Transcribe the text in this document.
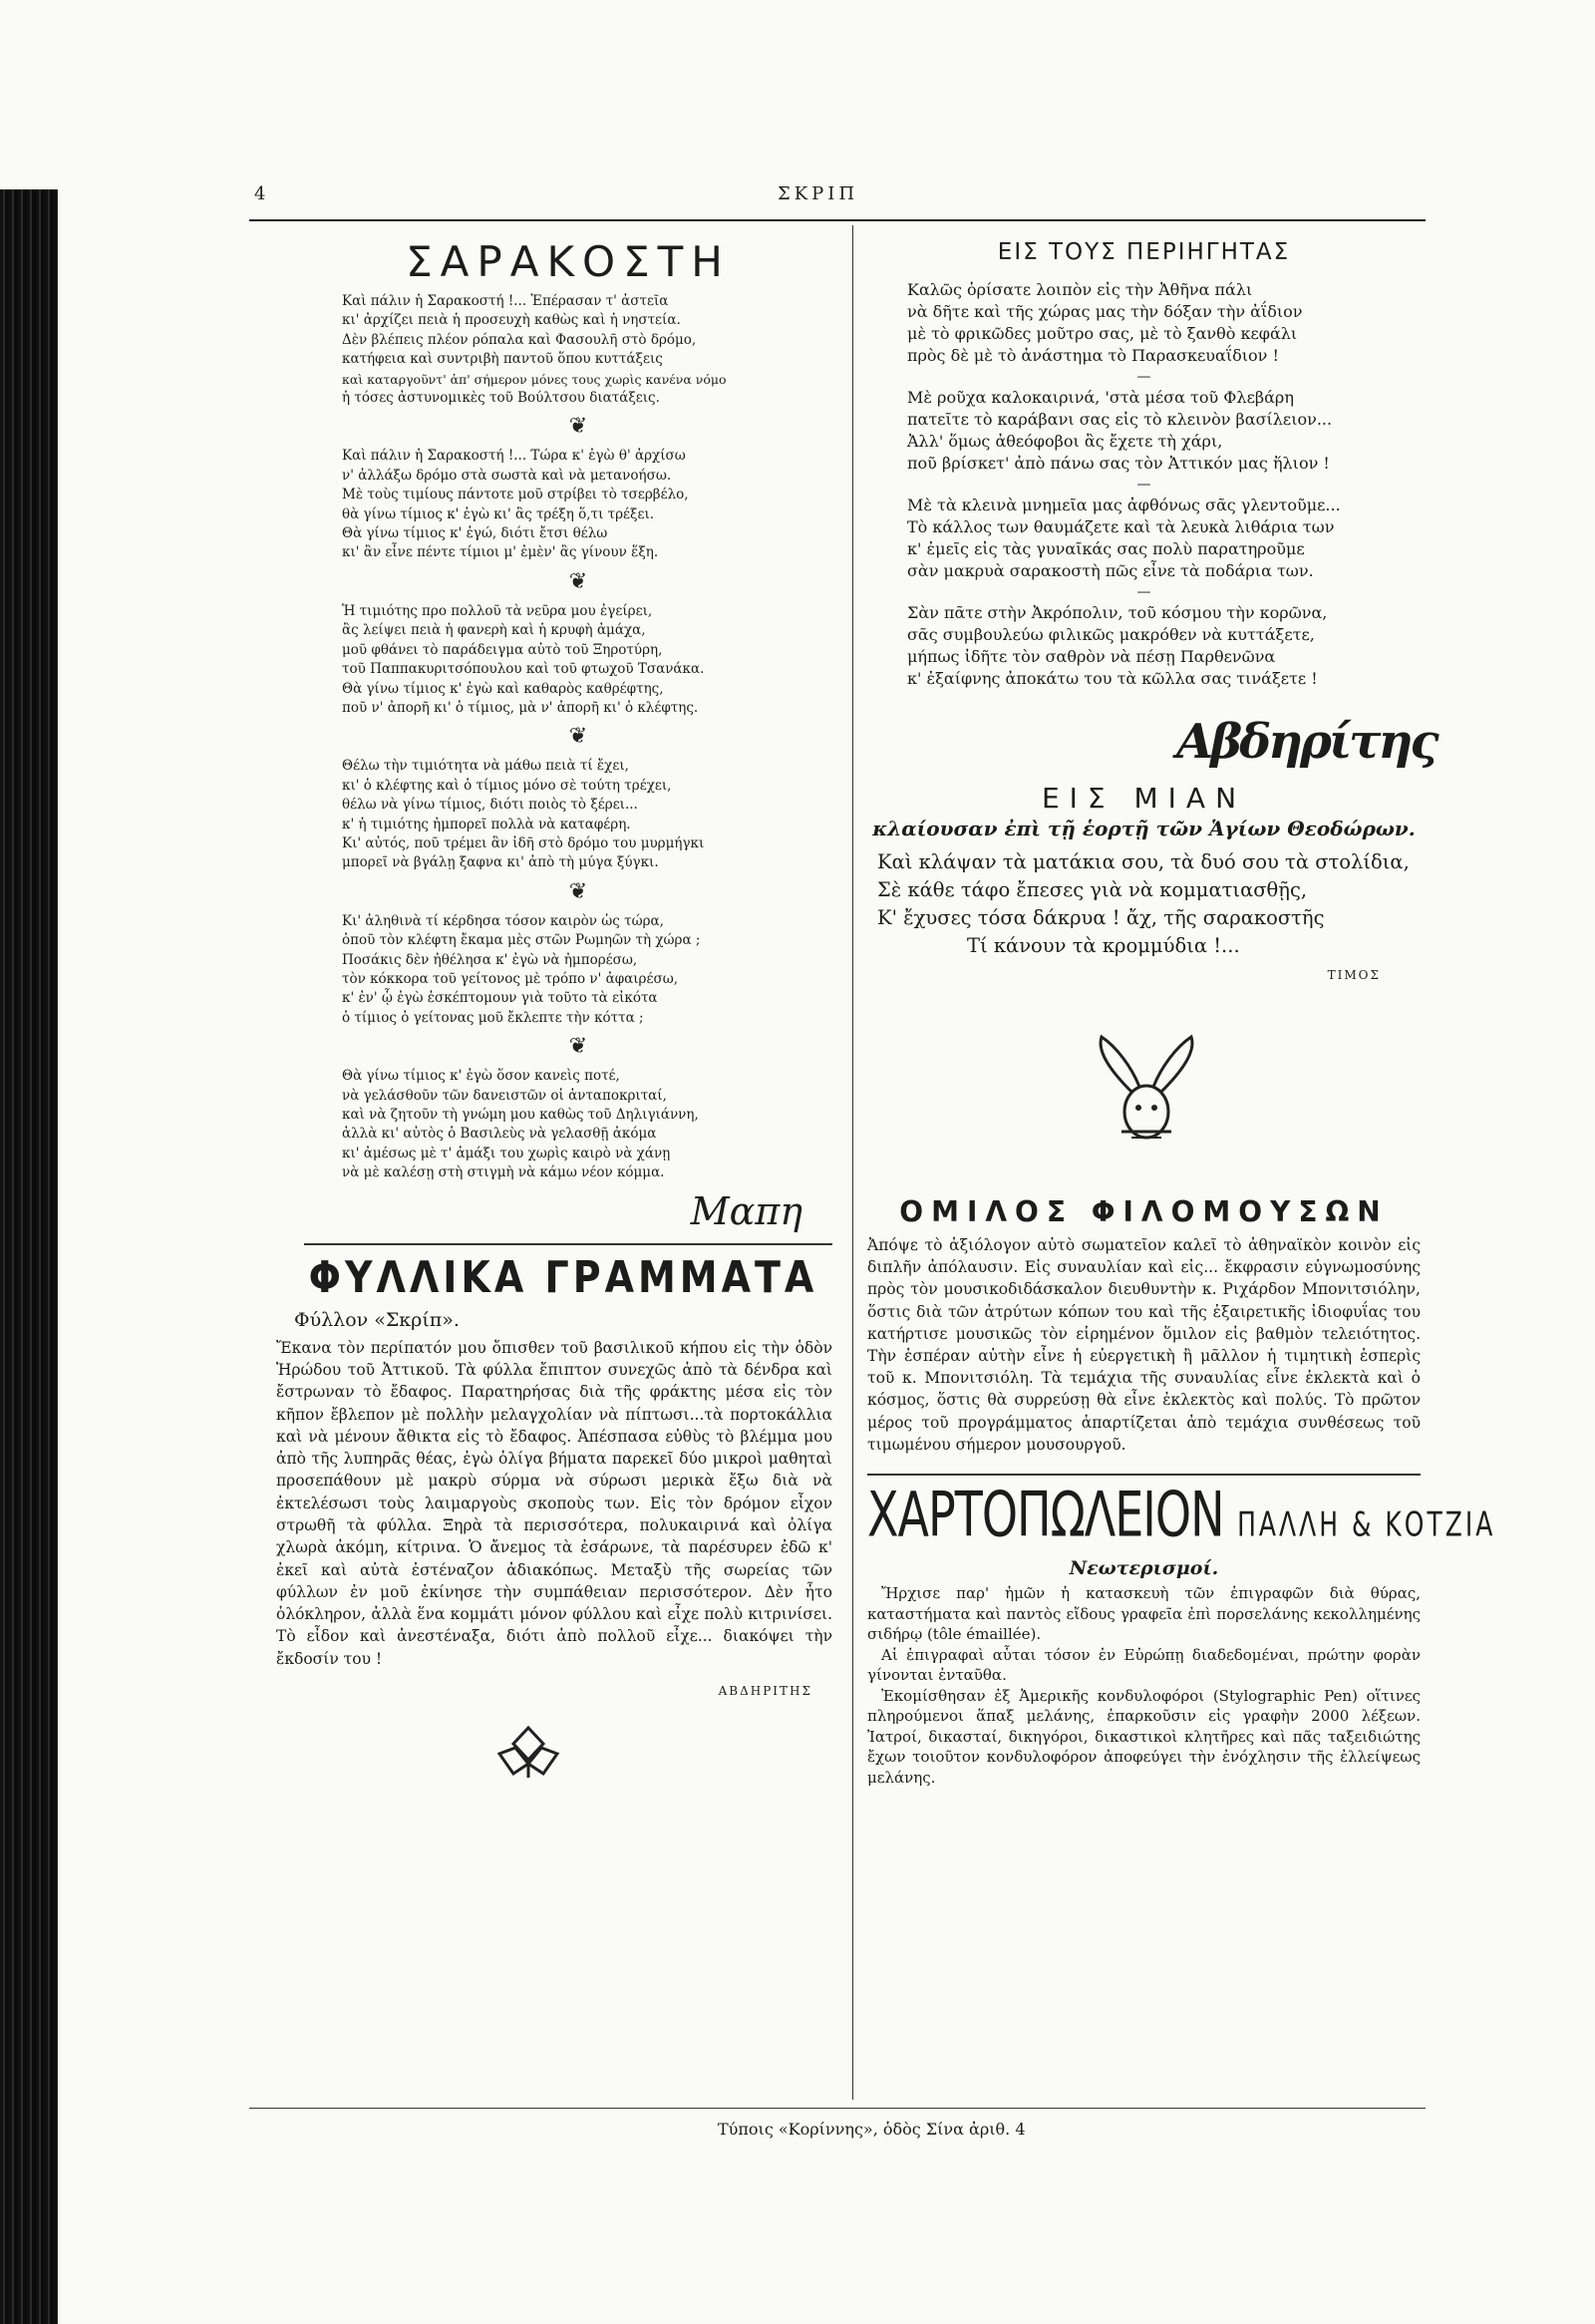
4	ΣΚΡΙΠ
ΣΑΡΑΚΟΣΤΗ
Καὶ πάλιν ἡ Σαρακοστή !... Ἐπέρασαν τ' ἀστεῖα
κι' ἀρχίζει πειὰ ἡ προσευχὴ καθὼς καὶ ἡ νηστεία.
Δὲν βλέπεις πλέον ρόπαλα καὶ Φασουλῆ στὸ δρόμο,
κατήφεια καὶ συντριβὴ παντοῦ ὅπου κυττάξεις
καὶ καταργοῦντ' ἀπ' σήμερον μόνες τους χωρὶς κανένα νόμο
ἡ τόσες ἀστυνομικὲς τοῦ Βούλτσου διατάξεις.
❦
Καὶ πάλιν ἡ Σαρακοστή !... Τώρα κ' ἐγὼ θ' ἀρχίσω
ν' ἀλλάξω δρόμο στὰ σωστὰ καὶ νὰ μετανοήσω.
Μὲ τοὺς τιμίους πάντοτε μοῦ στρίβει τὸ τσερβέλο,
θὰ γίνω τίμιος κ' ἐγὼ κι' ἂς τρέξη ὅ,τι τρέξει.
Θὰ γίνω τίμιος κ' ἐγώ, διότι ἔτσι θέλω
κι' ἂν εἶνε πέντε τίμιοι μ' ἐμὲν' ἂς γίνουν ἕξη.
❦
Ἡ τιμιότης προ πολλοῦ τὰ νεῦρα μου ἐγείρει,
ἂς λείψει πειὰ ἡ φανερὴ καὶ ἡ κρυφὴ ἀμάχα,
μοῦ φθάνει τὸ παράδειγμα αὐτὸ τοῦ Ξηροτύρη,
τοῦ Παππακυριτσόπουλου καὶ τοῦ φτωχοῦ Τσανάκα.
Θὰ γίνω τίμιος κ' ἐγὼ καὶ καθαρὸς καθρέφτης,
ποῦ ν' ἀπορῆ κι' ὁ τίμιος, μὰ ν' ἀπορῆ κι' ὁ κλέφτης.
❦
Θέλω τὴν τιμιότητα νὰ μάθω πειὰ τί ἔχει,
κι' ὁ κλέφτης καὶ ὁ τίμιος μόνο σὲ τούτη τρέχει,
θέλω νὰ γίνω τίμιος, διότι ποιὸς τὸ ξέρει...
κ' ἡ τιμιότης ἠμπορεῖ πολλὰ νὰ καταφέρη.
Κι' αὐτός, ποῦ τρέμει ἂν ἰδῆ στὸ δρόμο του μυρμήγκι
μπορεῖ νὰ βγάλῃ ξαφνα κι' ἀπὸ τὴ μύγα ξύγκι.
❦
Κι' ἀληθινὰ τί κέρδησα τόσον καιρὸν ὡς τώρα,
ὁποῦ τὸν κλέφτη ἔκαμα μὲς στῶν Ρωμηῶν τὴ χώρα ;
Ποσάκις δὲν ἠθέλησα κ' ἐγὼ νὰ ἠμπορέσω,
τὸν κόκκορα τοῦ γείτονος μὲ τρόπο ν' ἀφαιρέσω,
κ' ἐν' ᾧ ἐγὼ ἐσκέπτομουν γιὰ τοῦτο τὰ εἰκότα
ὁ τίμιος ὁ γείτονας μοῦ ἔκλεπτε τὴν κόττα ;
❦
Θὰ γίνω τίμιος κ' ἐγὼ ὅσον κανεὶς ποτέ,
νὰ γελάσθοῦν τῶν δανειστῶν οἱ ἀνταποκριταί,
καὶ νὰ ζητοῦν τὴ γνώμη μου καθὼς τοῦ Δηλιγιάννη,
ἀλλὰ κι' αὐτὸς ὁ Βασιλεὺς νὰ γελασθῇ ἀκόμα
κι' ἀμέσως μὲ τ' ἀμάξι του χωρὶς καιρὸ νὰ χάνῃ
νὰ μὲ καλέσῃ στὴ στιγμὴ νὰ κάμω νέον κόμμα.
Μαπη
ΦΥΛΛΙΚΑ ΓΡΑΜΜΑΤΑ
Φύλλον «Σκρίπ».
Ἔκανα τὸν περίπατόν μου ὄπισθεν τοῦ βασιλικοῦ κήπου εἰς τὴν ὁδὸν Ἡρώδου τοῦ Ἀττικοῦ. Τὰ φύλλα ἔπιπτον συνεχῶς ἀπὸ τὰ δένδρα καὶ ἔστρωναν τὸ ἔδαφος. Παρατηρήσας διὰ τῆς φράκτης μέσα εἰς τὸν κῆπον ἔβλεπον μὲ πολλὴν μελαγχολίαν νὰ πίπτωσι...τὰ πορτοκάλλια καὶ νὰ μένουν ἄθικτα εἰς τὸ ἔδαφος. Ἀπέσπασα εὐθὺς τὸ βλέμμα μου ἀπὸ τῆς λυπηρᾶς θέας, ἐγὼ ὀλίγα βήματα παρεκεῖ δύο μικροὶ μαθηταὶ προσεπάθουν μὲ μακρὺ σύρμα νὰ σύρωσι μερικὰ ἔξω διὰ νὰ ἐκτελέσωσι τοὺς λαιμαργοὺς σκοποὺς των. Εἰς τὸν δρόμον εἶχον στρωθῆ τὰ φύλλα. Ξηρὰ τὰ περισσότερα, πολυκαιρινά καὶ ὀλίγα χλωρὰ ἀκόμη, κίτρινα. Ὁ ἄνεμος τὰ ἐσάρωνε, τὰ παρέσυρεν ἐδῶ κ' ἐκεῖ καὶ αὐτὰ ἐστέναζον ἀδιακόπως. Μεταξὺ τῆς σωρείας τῶν φύλλων ἐν μοῦ ἐκίνησε τὴν συμπάθειαν περισσότερον. Δὲν ἦτο ὁλόκληρον, ἀλλὰ ἕνα κομμάτι μόνον φύλλου καὶ εἶχε πολὺ κιτρινίσει. Τὸ εἶδον καὶ ἀνεστέναξα, διότι ἀπὸ πολλοῦ εἶχε... διακόψει τὴν ἔκδοσίν του !
ΑΒΔΗΡΙΤΗΣ
ΕΙΣ ΤΟΥΣ ΠΕΡΙΗΓΗΤΑΣ
Καλῶς ὁρίσατε λοιπὸν εἰς τὴν Ἀθῆνα πάλι
νὰ δῆτε καὶ τῆς χώρας μας τὴν δόξαν τὴν ἀΐδιον
μὲ τὸ φρικῶδες μοῦτρο σας, μὲ τὸ ξανθὸ κεφάλι
πρὸς δὲ μὲ τὸ ἀνάστημα τὸ Παρασκευαΐδιον !
—
Μὲ ροῦχα καλοκαιρινά, 'στὰ μέσα τοῦ Φλεβάρη
πατεῖτε τὸ καράβανι σας εἰς τὸ κλεινὸν βασίλειον...
Ἀλλ' ὅμως ἀθεόφοβοι ἂς ἔχετε τὴ χάρι,
ποῦ βρίσκετ' ἀπὸ πάνω σας τὸν Ἀττικόν μας ἥλιον !
—
Μὲ τὰ κλεινὰ μνημεῖα μας ἀφθόνως σᾶς γλεντοῦμε...
Τὸ κάλλος των θαυμάζετε καὶ τὰ λευκὰ λιθάρια των
κ' ἐμεῖς εἰς τὰς γυναῖκάς σας πολὺ παρατηροῦμε
σὰν μακρυὰ σαρακοστὴ πῶς εἶνε τὰ ποδάρια των.
—
Σὰν πᾶτε στὴν Ἀκρόπολιν, τοῦ κόσμου τὴν κορῶνα,
σᾶς συμβουλεύω φιλικῶς μακρόθεν νὰ κυττάξετε,
μήπως ἰδῆτε τὸν σαθρὸν νὰ πέσῃ Παρθενῶνα
κ' ἐξαίφνης ἀποκάτω του τὰ κῶλλα σας τινάξετε !
Αβδηρίτης
ΕΙΣ ΜΙΑΝ
κλαίουσαν ἐπὶ τῇ ἑορτῇ τῶν Ἁγίων Θεοδώρων.
Καὶ κλάψαν τὰ ματάκια σου, τὰ δυό σου τὰ στολίδια,
Σὲ κάθε τάφο ἔπεσες γιὰ νὰ κομματιασθῇς,
Κ' ἔχυσες τόσα δάκρυα ! ἄχ, τῆς σαρακοστῆς
Τί κάνουν τὰ κρομμύδια !...
ΤΙΜΟΣ
ΟΜΙΛΟΣ ΦΙΛΟΜΟΥΣΩΝ
Ἀπόψε τὸ ἀξιόλογον αὐτὸ σωματεῖον καλεῖ τὸ ἀθηναϊκὸν κοινὸν εἰς διπλῆν ἀπόλαυσιν. Εἰς συναυλίαν καὶ εἰς... ἔκφρασιν εὐγνωμοσύνης πρὸς τὸν μουσικοδιδάσκαλον διευθυντὴν κ. Ριχάρδον Μπονιτσιόλην, ὅστις διὰ τῶν ἀτρύτων κόπων του καὶ τῆς ἐξαιρετικῆς ἰδιοφυΐας του κατήρτισε μουσικῶς τὸν εἰρημένον ὅμιλον εἰς βαθμὸν τελειότητος. Τὴν ἑσπέραν αὐτὴν εἶνε ἡ εὐεργετικὴ ἢ μᾶλλον ἡ τιμητικὴ ἑσπερὶς τοῦ κ. Μπονιτσιόλη. Τὰ τεμάχια τῆς συναυλίας εἶνε ἐκλεκτὰ καὶ ὁ κόσμος, ὅστις θὰ συρρεύσῃ θὰ εἶνε ἐκλεκτὸς καὶ πολύς. Τὸ πρῶτον μέρος τοῦ προγράμματος ἀπαρτίζεται ἀπὸ τεμάχια συνθέσεως τοῦ τιμωμένου σήμερον μουσουργοῦ.
ΧΑΡΤΟΠΩΛΕΙΟΝ ΠΑΛΛΗ & ΚΟΤΖΙΑ
Νεωτερισμοί.

Ἤρχισε παρ' ἡμῶν ἡ κατασκευὴ τῶν ἐπιγραφῶν διὰ θύρας, καταστήματα καὶ παντὸς εἴδους γραφεῖα ἐπὶ πορσελάνης κεκολλημένης σιδήρῳ (tôle émaillée).

Αἱ ἐπιγραφαὶ αὗται τόσον ἐν Εὐρώπῃ διαδεδομέναι, πρώτην φορὰν γίνονται ἐνταῦθα.

Ἐκομίσθησαν ἐξ Ἀμερικῆς κονδυλοφόροι (Stylographic Pen) οἵτινες πληρούμενοι ἅπαξ μελάνης, ἐπαρκοῦσιν εἰς γραφὴν 2000 λέξεων. Ἰατροί, δικασταί, δικηγόροι, δικαστικοὶ κλητῆρες καὶ πᾶς ταξειδιώτης ἔχων τοιοῦτον κονδυλοφόρον ἀποφεύγει τὴν ἐνόχλησιν τῆς ἐλλείψεως μελάνης.

Τύποις «Κορίννης», ὁδὸς Σίνα ἀριθ. 4
